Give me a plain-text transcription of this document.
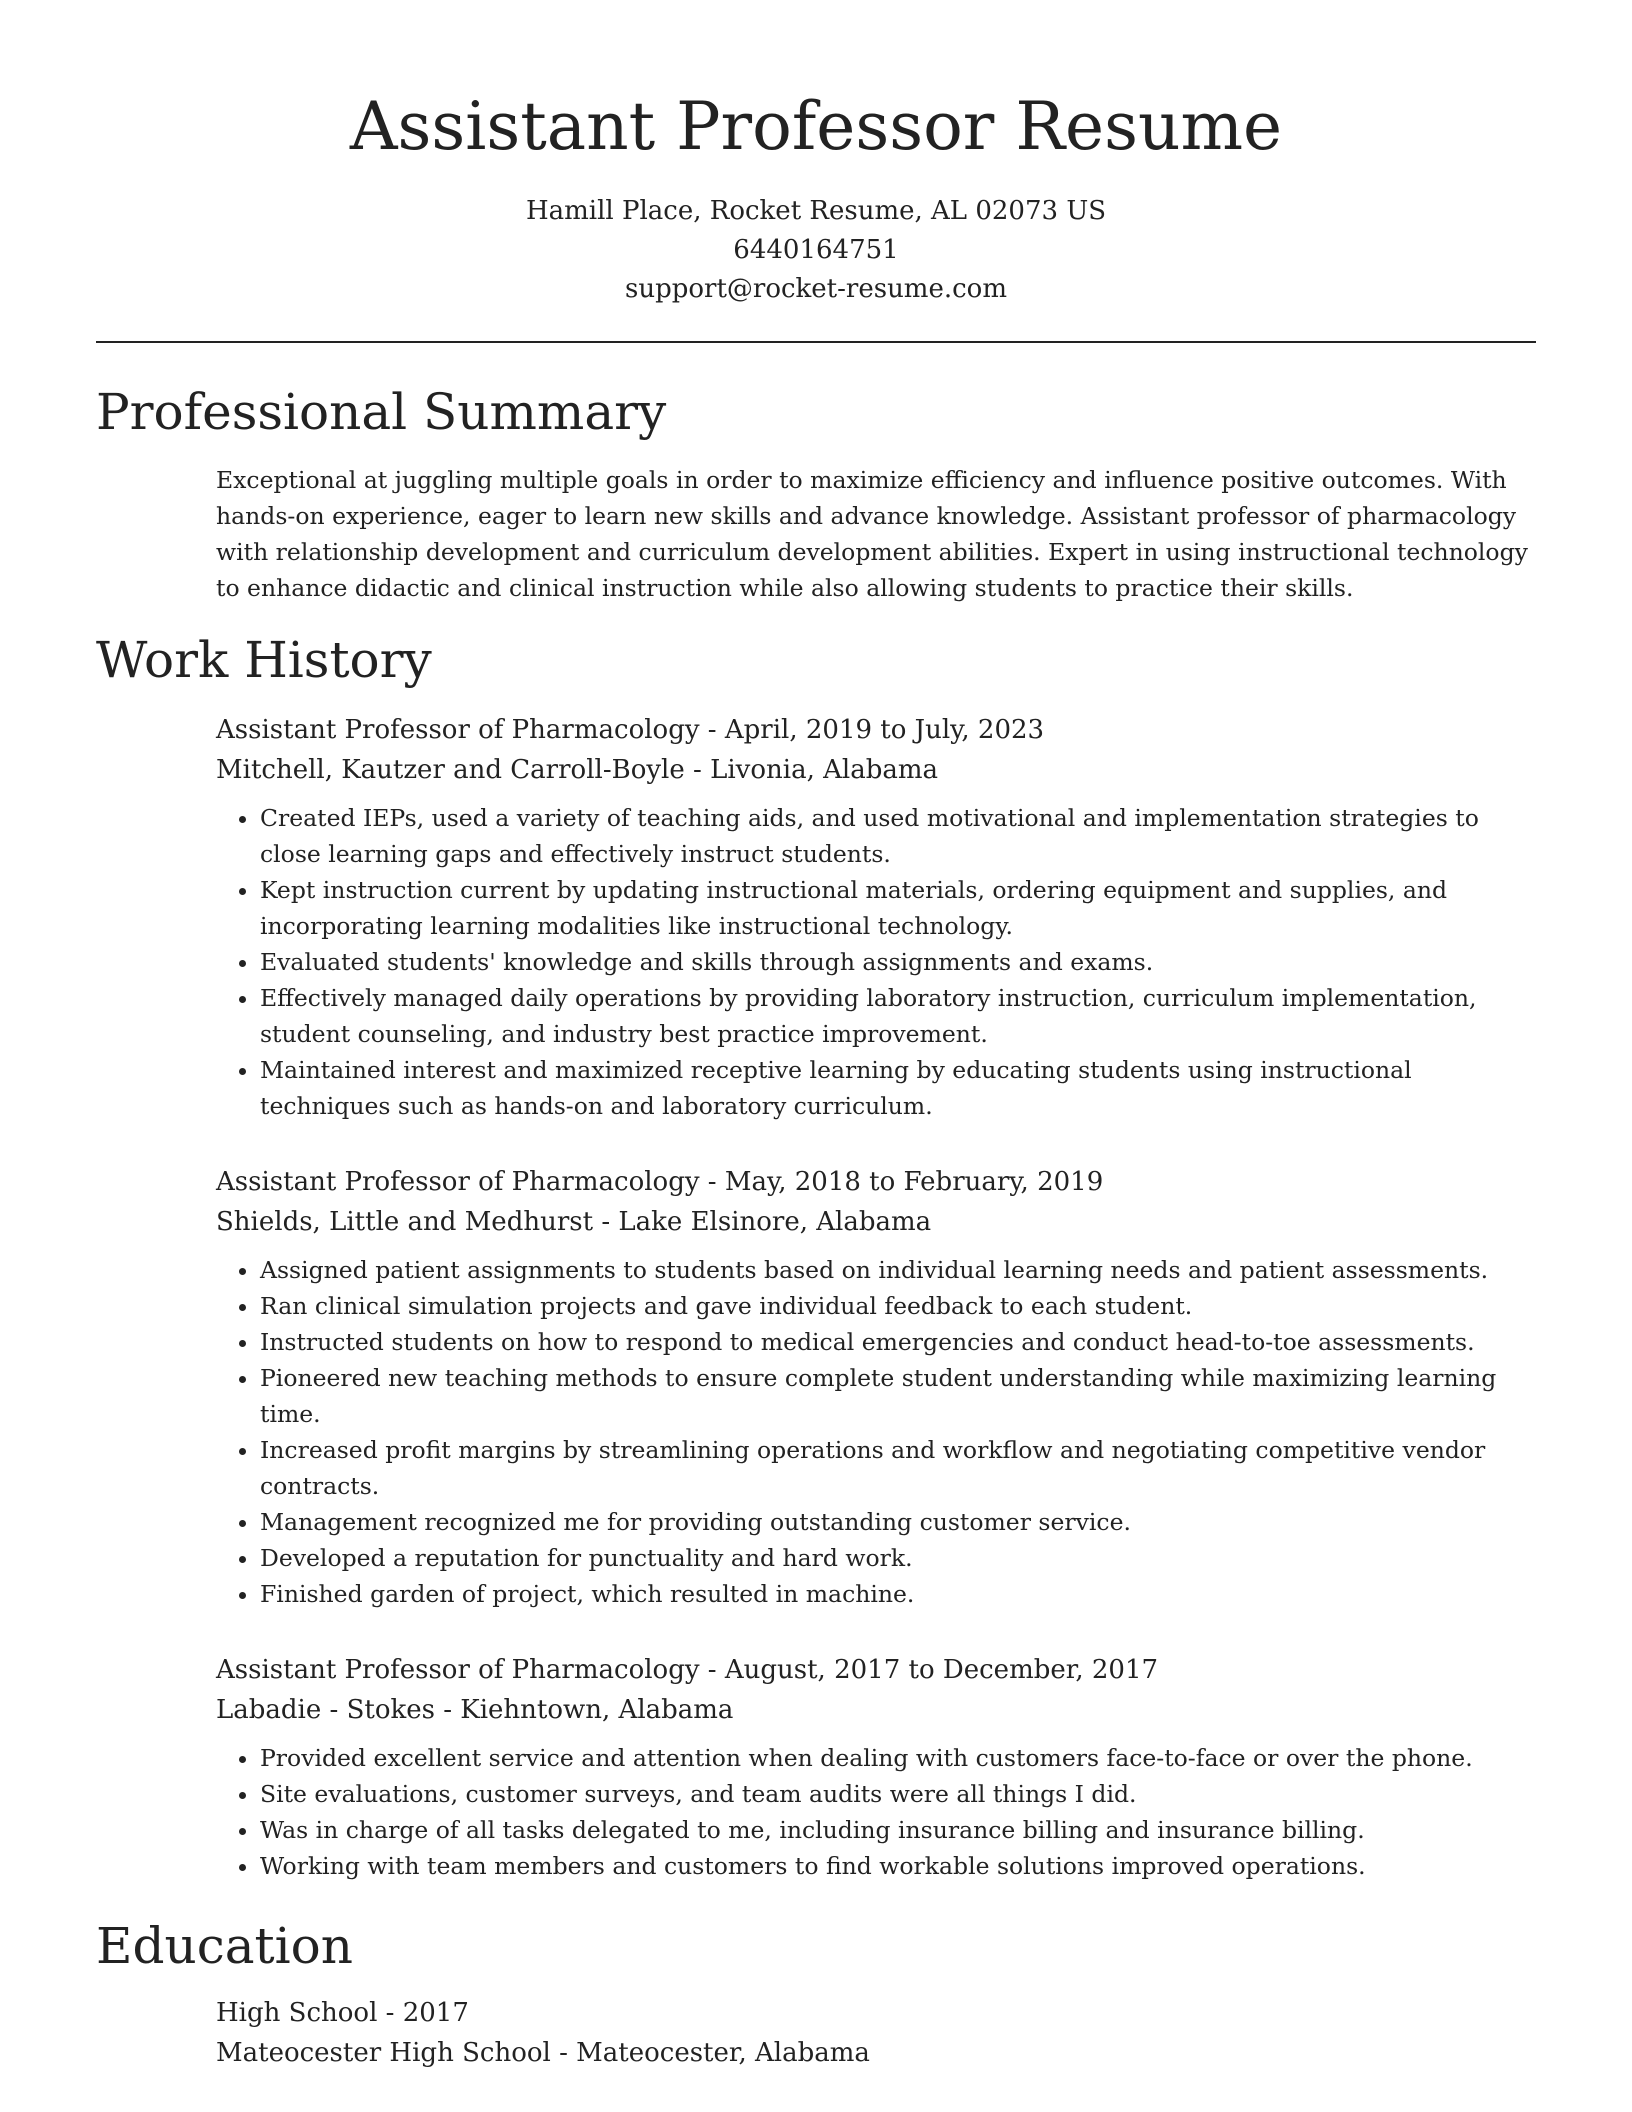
Assistant Professor Resume
Hamill Place, Rocket Resume, AL 02073 US
6440164751
support@rocket-resume.com
Professional Summary
Exceptional at juggling multiple goals in order to maximize efficiency and influence positive outcomes. With hands-on experience, eager to learn new skills and advance knowledge. Assistant professor of pharmacology with relationship development and curriculum development abilities. Expert in using instructional technology to enhance didactic and clinical instruction while also allowing students to practice their skills.
Work History
Assistant Professor of Pharmacology - April, 2019 to July, 2023
Mitchell, Kautzer and Carroll-Boyle - Livonia, Alabama
• Created IEPs, used a variety of teaching aids, and used motivational and implementation strategies to close learning gaps and effectively instruct students.
• Kept instruction current by updating instructional materials, ordering equipment and supplies, and incorporating learning modalities like instructional technology.
• Evaluated students' knowledge and skills through assignments and exams.
• Effectively managed daily operations by providing laboratory instruction, curriculum implementation, student counseling, and industry best practice improvement.
• Maintained interest and maximized receptive learning by educating students using instructional techniques such as hands-on and laboratory curriculum.
Assistant Professor of Pharmacology - May, 2018 to February, 2019
Shields, Little and Medhurst - Lake Elsinore, Alabama
• Assigned patient assignments to students based on individual learning needs and patient assessments.
• Ran clinical simulation projects and gave individual feedback to each student.
• Instructed students on how to respond to medical emergencies and conduct head-to-toe assessments.
• Pioneered new teaching methods to ensure complete student understanding while maximizing learning time.
• Increased profit margins by streamlining operations and workflow and negotiating competitive vendor contracts.
• Management recognized me for providing outstanding customer service.
• Developed a reputation for punctuality and hard work.
• Finished garden of project, which resulted in machine.
Assistant Professor of Pharmacology - August, 2017 to December, 2017
Labadie - Stokes - Kiehntown, Alabama
• Provided excellent service and attention when dealing with customers face-to-face or over the phone.
• Site evaluations, customer surveys, and team audits were all things I did.
• Was in charge of all tasks delegated to me, including insurance billing and insurance billing.
• Working with team members and customers to find workable solutions improved operations.
Education
High School - 2017
Mateocester High School - Mateocester, Alabama
